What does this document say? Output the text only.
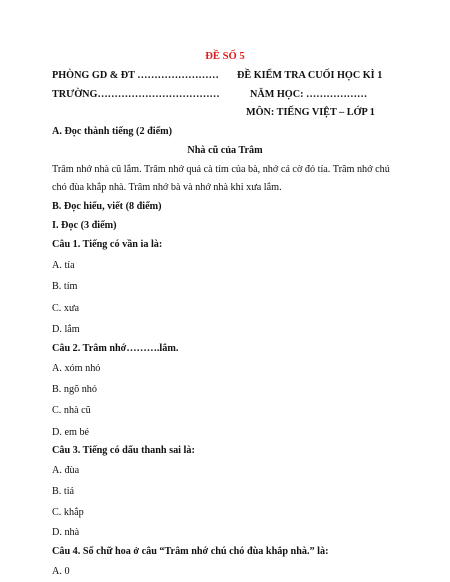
ĐỀ SỐ 5
PHÒNG GD & ĐT …………………… ĐỀ KIỂM TRA CUỐI HỌC KÌ 1
TRƯỜNG………………………………	NĂM HỌC: ………………
MÔN: TIẾNG VIỆT – LỚP 1
A. Đọc thành tiếng (2 điểm)
Nhà cũ của Trâm
Trâm nhớ nhà cũ lắm. Trâm nhớ quả cà tím của bà, nhớ cá cờ đỏ tía. Trâm nhớ chú
chó đùa khắp nhà. Trâm nhớ bà và nhớ nhà khi xưa lắm.
B. Đọc hiểu, viết (8 điểm)
I. Đọc (3 điểm)
Câu 1. Tiếng có vần ia là:
A. tía
B. tím
C. xưa
D. lắm
Câu 2. Trâm nhớ……….lắm.
A. xóm nhỏ
B. ngõ nhỏ
C. nhà cũ
D. em bé
Câu 3. Tiếng có dấu thanh sai là:
A. đùa
B. tiá
C. khắp
D. nhà
Câu 4. Số chữ hoa ở câu “Trâm nhớ chú chó đùa khắp nhà.” là:
A. 0
